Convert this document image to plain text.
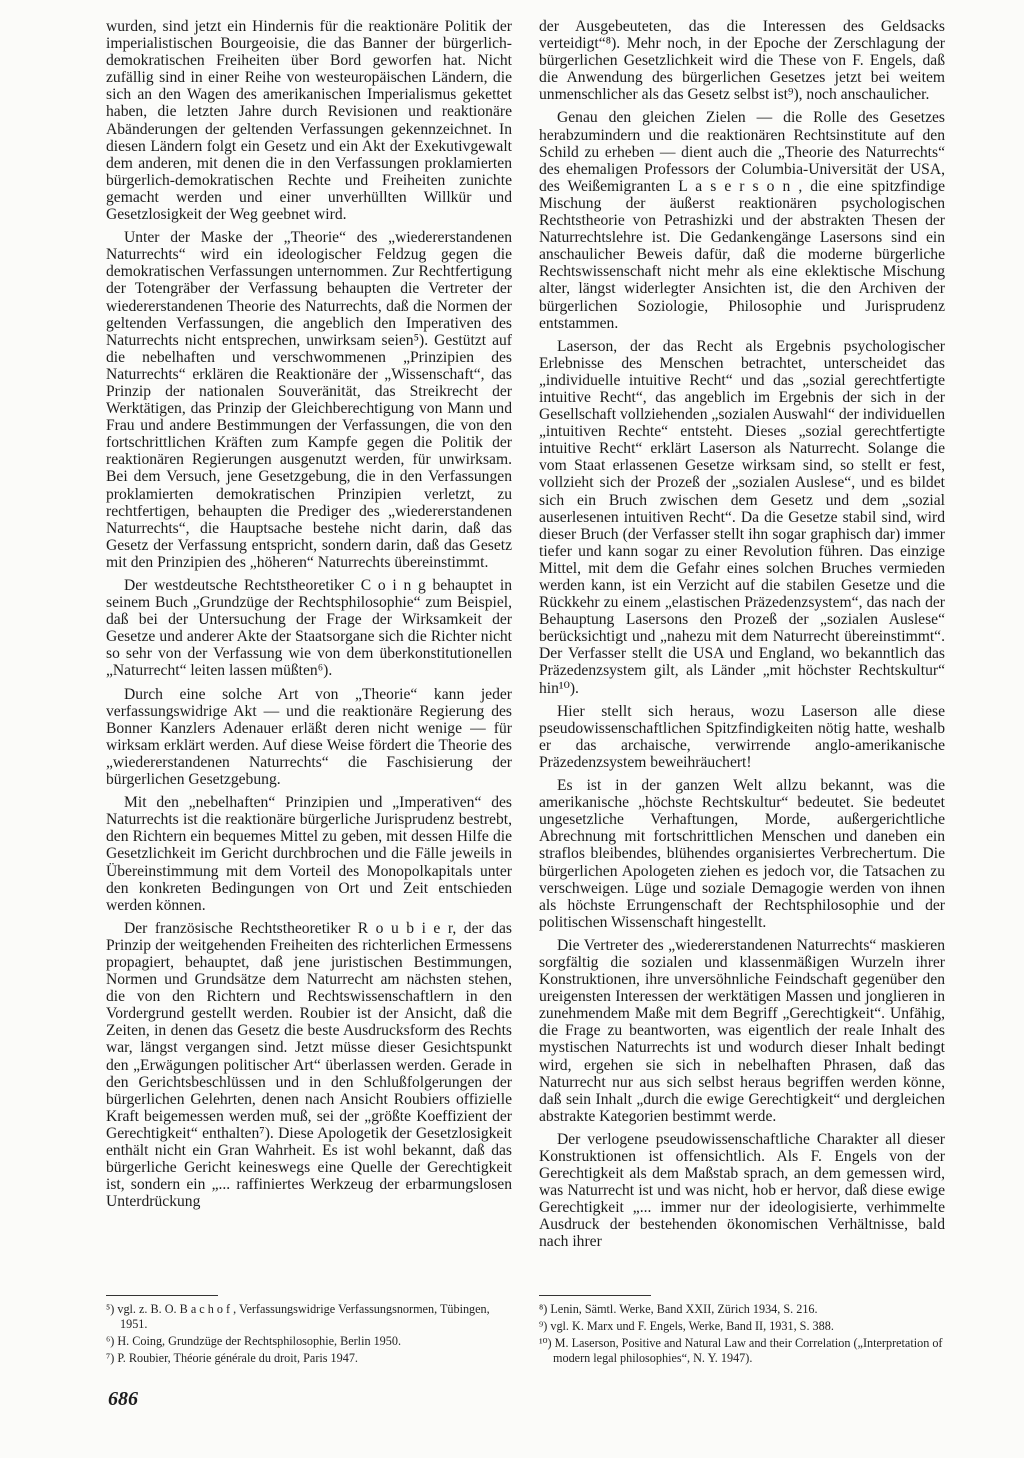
wurden, sind jetzt ein Hindernis für die reaktionäre Politik der imperialistischen Bourgeoisie, die das Banner der bürgerlich-demokratischen Freiheiten über Bord geworfen hat. Nicht zufällig sind in einer Reihe von westeuropäischen Ländern, die sich an den Wagen des amerikanischen Imperialismus gekettet haben, die letzten Jahre durch Revisionen und reaktionäre Abänderungen der geltenden Verfassungen gekennzeichnet. In diesen Ländern folgt ein Gesetz und ein Akt der Exekutivgewalt dem anderen, mit denen die in den Verfassungen proklamierten bürgerlich-demokratischen Rechte und Freiheiten zunichte gemacht werden und einer unverhüllten Willkür und Gesetzlosigkeit der Weg geebnet wird.

Unter der Maske der „Theorie“ des „wiedererstandenen Naturrechts“ wird ein ideologischer Feldzug gegen die demokratischen Verfassungen unternommen. Zur Rechtfertigung der Totengräber der Verfassung behaupten die Vertreter der wiedererstandenen Theorie des Naturrechts, daß die Normen der geltenden Verfassungen, die angeblich den Imperativen des Naturrechts nicht entsprechen, unwirksam seien⁵). Gestützt auf die nebelhaften und verschwommenen „Prinzipien des Naturrechts“ erklären die Reaktionäre der „Wissenschaft“, das Prinzip der nationalen Souveränität, das Streikrecht der Werktätigen, das Prinzip der Gleichberechtigung von Mann und Frau und andere Bestimmungen der Verfassungen, die von den fortschrittlichen Kräften zum Kampfe gegen die Politik der reaktionären Regierungen ausgenutzt werden, für unwirksam. Bei dem Versuch, jene Gesetzgebung, die in den Verfassungen proklamierten demokratischen Prinzipien verletzt, zu rechtfertigen, behaupten die Prediger des „wiedererstandenen Naturrechts“, die Hauptsache bestehe nicht darin, daß das Gesetz der Verfassung entspricht, sondern darin, daß das Gesetz mit den Prinzipien des „höheren“ Naturrechts übereinstimmt.

Der westdeutsche Rechtstheoretiker C o i n g behauptet in seinem Buch „Grundzüge der Rechtsphilosophie“ zum Beispiel, daß bei der Untersuchung der Frage der Wirksamkeit der Gesetze und anderer Akte der Staatsorgane sich die Richter nicht so sehr von der Verfassung wie von dem überkonstitutionellen „Naturrecht“ leiten lassen müßten⁶).

Durch eine solche Art von „Theorie“ kann jeder verfassungswidrige Akt — und die reaktionäre Regierung des Bonner Kanzlers Adenauer erläßt deren nicht wenige — für wirksam erklärt werden. Auf diese Weise fördert die Theorie des „wiedererstandenen Naturrechts“ die Faschisierung der bürgerlichen Gesetzgebung.

Mit den „nebelhaften“ Prinzipien und „Imperativen“ des Naturrechts ist die reaktionäre bürgerliche Jurisprudenz bestrebt, den Richtern ein bequemes Mittel zu geben, mit dessen Hilfe die Gesetzlichkeit im Gericht durchbrochen und die Fälle jeweils in Übereinstimmung mit dem Vorteil des Monopolkapitals unter den konkreten Bedingungen von Ort und Zeit entschieden werden können.

Der französische Rechtstheoretiker R o u b i e r, der das Prinzip der weitgehenden Freiheiten des richterlichen Ermessens propagiert, behauptet, daß jene juristischen Bestimmungen, Normen und Grundsätze dem Naturrecht am nächsten stehen, die von den Richtern und Rechtswissenschaftlern in den Vordergrund gestellt werden. Roubier ist der Ansicht, daß die Zeiten, in denen das Gesetz die beste Ausdrucksform des Rechts war, längst vergangen sind. Jetzt müsse dieser Gesichtspunkt den „Erwägungen politischer Art“ überlassen werden. Gerade in den Gerichtsbeschlüssen und in den Schlußfolgerungen der bürgerlichen Gelehrten, denen nach Ansicht Roubiers offizielle Kraft beigemessen werden muß, sei der „größte Koeffizient der Gerechtigkeit“ enthalten⁷). Diese Apologetik der Gesetzlosigkeit enthält nicht ein Gran Wahrheit. Es ist wohl bekannt, daß das bürgerliche Gericht keineswegs eine Quelle der Gerechtigkeit ist, sondern ein „... raffiniertes Werkzeug der erbarmungslosen Unterdrückung

der Ausgebeuteten, das die Interessen des Geldsacks verteidigt“⁸). Mehr noch, in der Epoche der Zerschlagung der bürgerlichen Gesetzlichkeit wird die These von F. Engels, daß die Anwendung des bürgerlichen Gesetzes jetzt bei weitem unmenschlicher als das Gesetz selbst ist⁹), noch anschaulicher.

Genau den gleichen Zielen — die Rolle des Gesetzes herabzumindern und die reaktionären Rechtsinstitute auf den Schild zu erheben — dient auch die „Theorie des Naturrechts“ des ehemaligen Professors der Columbia-Universität der USA, des Weißemigranten L a s e r s o n , die eine spitzfindige Mischung der äußerst reaktionären psychologischen Rechtstheorie von Petrashizki und der abstrakten Thesen der Naturrechtslehre ist. Die Gedankengänge Lasersons sind ein anschaulicher Beweis dafür, daß die moderne bürgerliche Rechtswissenschaft nicht mehr als eine eklektische Mischung alter, längst widerlegter Ansichten ist, die den Archiven der bürgerlichen Soziologie, Philosophie und Jurisprudenz entstammen.

Laserson, der das Recht als Ergebnis psychologischer Erlebnisse des Menschen betrachtet, unterscheidet das „individuelle intuitive Recht“ und das „sozial gerechtfertigte intuitive Recht“, das angeblich im Ergebnis der sich in der Gesellschaft vollziehenden „sozialen Auswahl“ der individuellen „intuitiven Rechte“ entsteht. Dieses „sozial gerechtfertigte intuitive Recht“ erklärt Laserson als Naturrecht. Solange die vom Staat erlassenen Gesetze wirksam sind, so stellt er fest, vollzieht sich der Prozeß der „sozialen Auslese“, und es bildet sich ein Bruch zwischen dem Gesetz und dem „sozial auserlesenen intuitiven Recht“. Da die Gesetze stabil sind, wird dieser Bruch (der Verfasser stellt ihn sogar graphisch dar) immer tiefer und kann sogar zu einer Revolution führen. Das einzige Mittel, mit dem die Gefahr eines solchen Bruches vermieden werden kann, ist ein Verzicht auf die stabilen Gesetze und die Rückkehr zu einem „elastischen Präzedenzsystem“, das nach der Behauptung Lasersons den Prozeß der „sozialen Auslese“ berücksichtigt und „nahezu mit dem Naturrecht übereinstimmt“. Der Verfasser stellt die USA und England, wo bekanntlich das Präzedenzsystem gilt, als Länder „mit höchster Rechtskultur“ hin¹⁰).

Hier stellt sich heraus, wozu Laserson alle diese pseudowissenschaftlichen Spitzfindigkeiten nötig hatte, weshalb er das archaische, verwirrende anglo-amerikanische Präzedenzsystem beweihräuchert!

Es ist in der ganzen Welt allzu bekannt, was die amerikanische „höchste Rechtskultur“ bedeutet. Sie bedeutet ungesetzliche Verhaftungen, Morde, außergerichtliche Abrechnung mit fortschrittlichen Menschen und daneben ein straflos bleibendes, blühendes organisiertes Verbrechertum. Die bürgerlichen Apologeten ziehen es jedoch vor, die Tatsachen zu verschweigen. Lüge und soziale Demagogie werden von ihnen als höchste Errungenschaft der Rechtsphilosophie und der politischen Wissenschaft hingestellt.

Die Vertreter des „wiedererstandenen Naturrechts“ maskieren sorgfältig die sozialen und klassenmäßigen Wurzeln ihrer Konstruktionen, ihre unversöhnliche Feindschaft gegenüber den ureigensten Interessen der werktätigen Massen und jonglieren in zunehmendem Maße mit dem Begriff „Gerechtigkeit“. Unfähig, die Frage zu beantworten, was eigentlich der reale Inhalt des mystischen Naturrechts ist und wodurch dieser Inhalt bedingt wird, ergehen sie sich in nebelhaften Phrasen, daß das Naturrecht nur aus sich selbst heraus begriffen werden könne, daß sein Inhalt „durch die ewige Gerechtigkeit“ und dergleichen abstrakte Kategorien bestimmt werde.

Der verlogene pseudowissenschaftliche Charakter all dieser Konstruktionen ist offensichtlich. Als F. Engels von der Gerechtigkeit als dem Maßstab sprach, an dem gemessen wird, was Naturrecht ist und was nicht, hob er hervor, daß diese ewige Gerechtigkeit „... immer nur der ideologisierte, verhimmelte Ausdruck der bestehenden ökonomischen Verhältnisse, bald nach ihrer

⁵) vgl. z. B. O. B a c h o f , Verfassungswidrige Verfassungsnormen, Tübingen, 1951.
⁶) H. Coing, Grundzüge der Rechtsphilosophie, Berlin 1950.
⁷) P. Roubier, Théorie générale du droit, Paris 1947.
⁸) Lenin, Sämtl. Werke, Band XXII, Zürich 1934, S. 216.
⁹) vgl. K. Marx und F. Engels, Werke, Band II, 1931, S. 388.
¹⁰) M. Laserson, Positive and Natural Law and their Correlation („Interpretation of modern legal philosophies“, N. Y. 1947).
686
